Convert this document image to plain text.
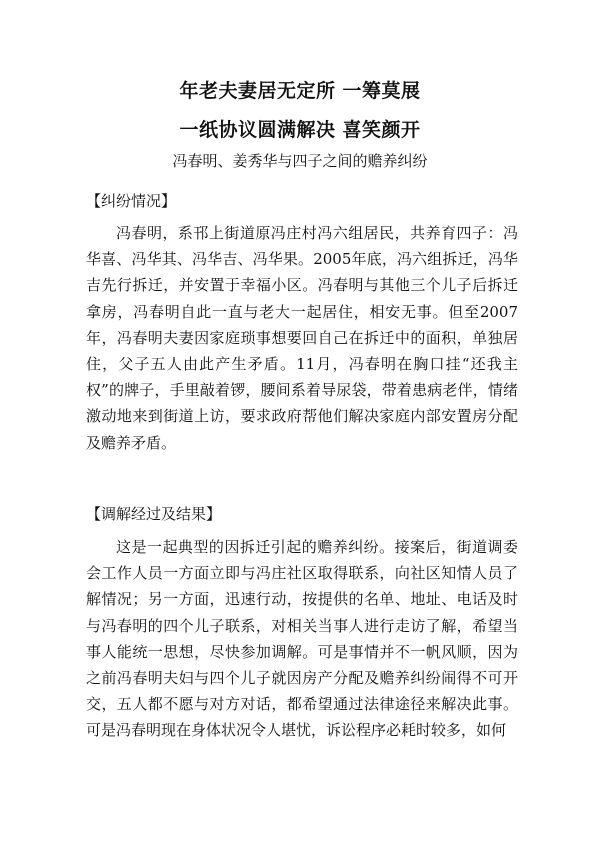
年老夫妻居无定所 一筹莫展
一纸协议圆满解决 喜笑颜开
冯春明、姜秀华与四子之间的赡养纠纷
【纠纷情况】

冯春明，系邗上街道原冯庄村冯六组居民，共养育四子：冯华喜、冯华其、冯华吉、冯华果。2005年底，冯六组拆迁，冯华吉先行拆迁，并安置于幸福小区。冯春明与其他三个儿子后拆迁拿房，冯春明自此一直与老大一起居住，相安无事。但至2007年，冯春明夫妻因家庭琐事想要回自己在拆迁中的面积，单独居住，父子五人由此产生矛盾。11月，冯春明在胸口挂“还我主权”的牌子，手里敲着锣，腰间系着导尿袋，带着患病老伴，情绪激动地来到街道上访，要求政府帮他们解决家庭内部安置房分配及赡养矛盾。

【调解经过及结果】

这是一起典型的因拆迁引起的赡养纠纷。接案后，街道调委会工作人员一方面立即与冯庄社区取得联系，向社区知情人员了解情况；另一方面，迅速行动，按提供的名单、地址、电话及时与冯春明的四个儿子联系，对相关当事人进行走访了解，希望当事人能统一思想，尽快参加调解。可是事情并不一帆风顺，因为之前冯春明夫妇与四个儿子就因房产分配及赡养纠纷闹得不可开交，五人都不愿与对方对话，都希望通过法律途径来解决此事。可是冯春明现在身体状况令人堪忧，诉讼程序必耗时较多，如何
